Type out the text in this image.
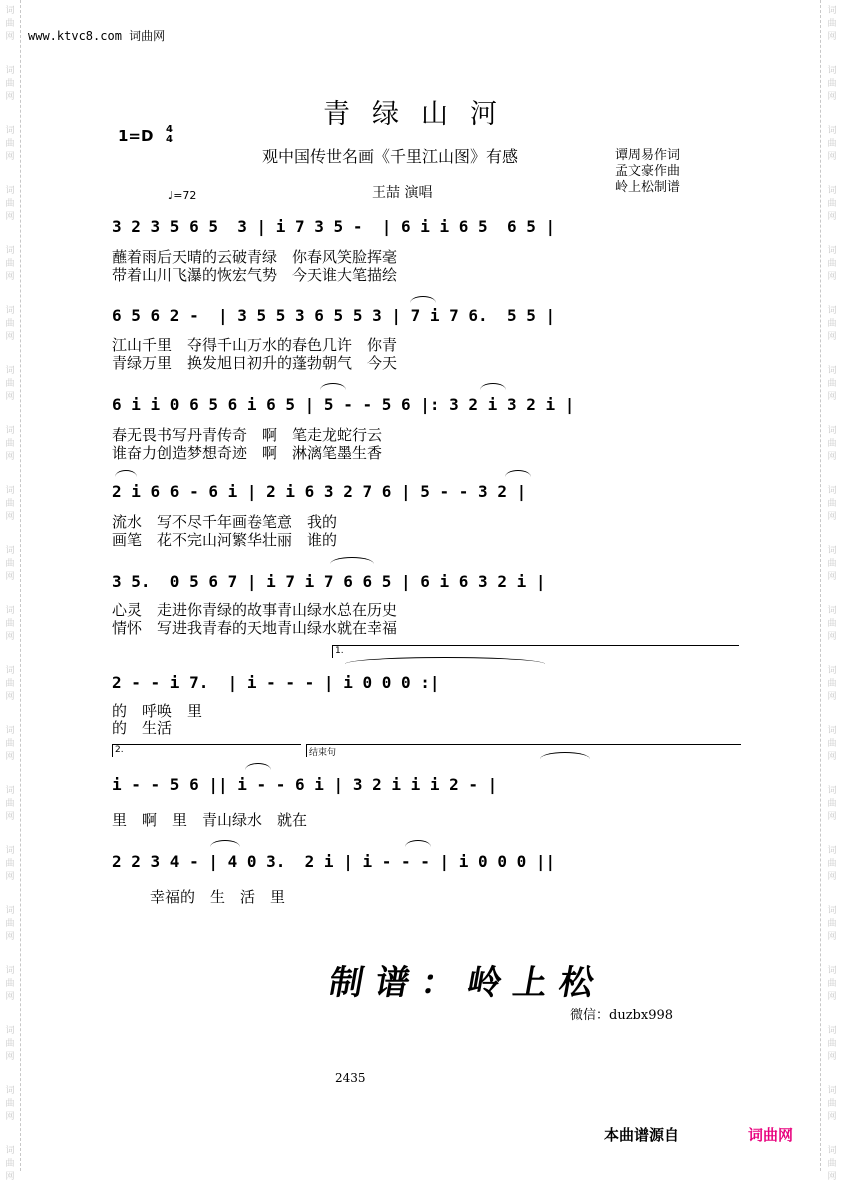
词
曲
网
词
曲
网
词
曲
网
词
曲
网
词
曲
网
词
曲
网
词
曲
网
词
曲
网
词
曲
网
词
曲
网
词
曲
网
词
曲
网
词
曲
网
词
曲
网
词
曲
网
词
曲
网
词
曲
网
词
曲
网
词
曲
网
词
曲
网
词
曲
网
词
曲
网
词
曲
网
词
曲
网
词
曲
网
词
曲
网
词
曲
网
词
曲
网
词
曲
网
词
曲
网
词
曲
网
词
曲
网
词
曲
网
词
曲
网
词
曲
网
词
曲
网
词
曲
网
词
曲
网
词
曲
网
词
曲
网
www.ktvc8.com 词曲网
青绿山河
1=D 4
4
观中国传世名画《千里江山图》有感	谭周易作词
孟文豪作曲
岭上松制谱
王喆 演唱
♩=72
3 2 3 5 6 5  3 | i 7 3 5 -  | 6 i i 6 5  6 5 |
蘸着雨后天晴的云破青绿　你春风笑脸挥毫
带着山川飞瀑的恢宏气势　今天谁大笔描绘
6 5 6 2 -  | 3 5 5 3 6 5 5 3 | 7 i 7 6.  5 5 |
江山千里　夺得千山万水的春色几许　你青
青绿万里　换发旭日初升的蓬勃朝气　今天
6 i i 0 6 5 6 i 6 5 | 5 - - 5 6 |: 3 2 i 3 2 i |
春无畏书写丹青传奇　啊　笔走龙蛇行云
谁奋力创造梦想奇迹　啊　淋漓笔墨生香
2 i 6 6 - 6 i | 2 i 6 3 2 7 6 | 5 - - 3 2 |
流水　写不尽千年画卷笔意　我的
画笔　花不完山河繁华壮丽　谁的
3 5.  0 5 6 7 | i 7 i 7 6 6 5 | 6 i 6 3 2 i |
心灵　走进你青绿的故事青山绿水总在历史
情怀　写进我青春的天地青山绿水就在幸福
1.
2 - - i 7.  | i - - - | i 0 0 0 :|
的　呼唤　里
的　生活
2.	结束句
i - - 5 6 || i - - 6 i | 3 2 i i i 2 - |
里　啊　里　青山绿水　就在
2 2 3 4 - | 4 0 3.  2 i | i - - - | i 0 0 0 ||
幸福的　生　活　里
制谱：岭上松
微信：duzbx998
2435
本曲谱源自	词曲网
